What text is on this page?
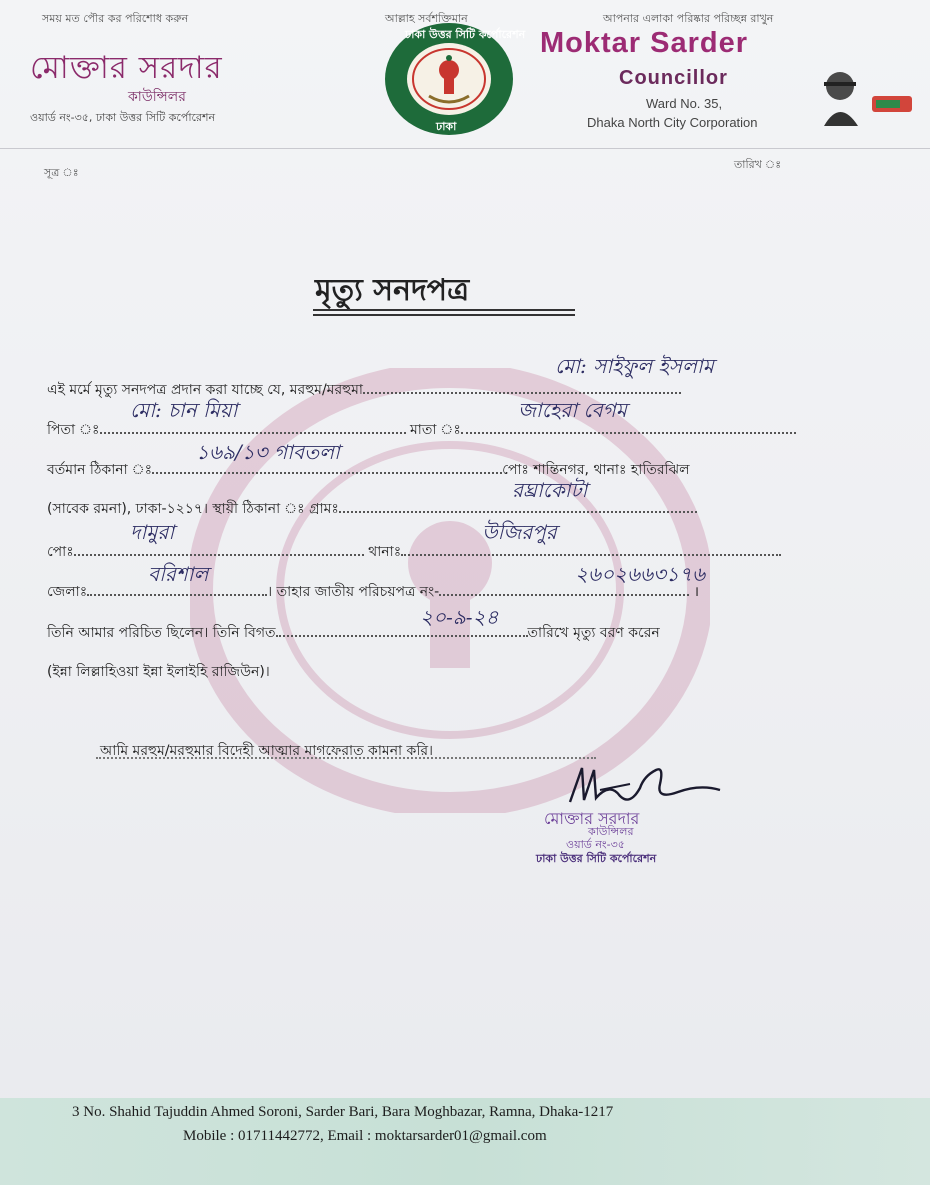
সময় মত পৌর কর পরিশোধ করুন	আল্লাহ সর্বশক্তিমান	আপনার এলাকা পরিষ্কার পরিচ্ছন্ন রাখুন
মোক্তার সরদার
কাউন্সিলর
ওয়ার্ড নং-৩৫, ঢাকা উত্তর সিটি কর্পোরেশন
ঢাকা উত্তর সিটি কর্পোরেশন
ঢাকা
Moktar Sarder
Councillor
Ward No. 35,
Dhaka North City Corporation
সূত্র ঃ
তারিখ ঃ
মৃত্যু সনদপত্র
এই মর্মে মৃত্যু সনদপত্র প্রদান করা যাচ্ছে যে, মরহুম/মরহুমা
মো: সাইফুল ইসলাম
পিতা ঃ	মাতা ঃ
মো: চান মিয়া	জাহেরা বেগম
বর্তমান ঠিকানা ঃ	পোঃ শান্তিনগর, থানাঃ হাতিরঝিল
১৬৯/১৩ গাবতলা
(সাবেক রমনা), ঢাকা-১২১৭। স্থায়ী ঠিকানা ঃ গ্রামঃ
রঘ্রাকোটা
পোঃ	থানাঃ
দামুরা	উজিরপুর
জেলাঃ	। তাহার জাতীয় পরিচয়পত্র নং-	।
বরিশাল	২৬০২৬৬৩১৭৬
তিনি আমার পরিচিত ছিলেন। তিনি বিগত	তারিখে মৃত্যু বরণ করেন
২০-৯-২৪
(ইন্না লিল্লাহিওয়া ইন্না ইলাইহি রাজিউন)।
আমি মরহুম/মরহুমার বিদেহী আত্মার মাগফেরাত কামনা করি।
মোক্তার সরদার
কাউন্সিলর
ওয়ার্ড নং-৩৫
ঢাকা উত্তর সিটি কর্পোরেশন
3 No. Shahid Tajuddin Ahmed Soroni, Sarder Bari, Bara Moghbazar, Ramna, Dhaka-1217
Mobile : 01711442772, Email : moktarsarder01@gmail.com
